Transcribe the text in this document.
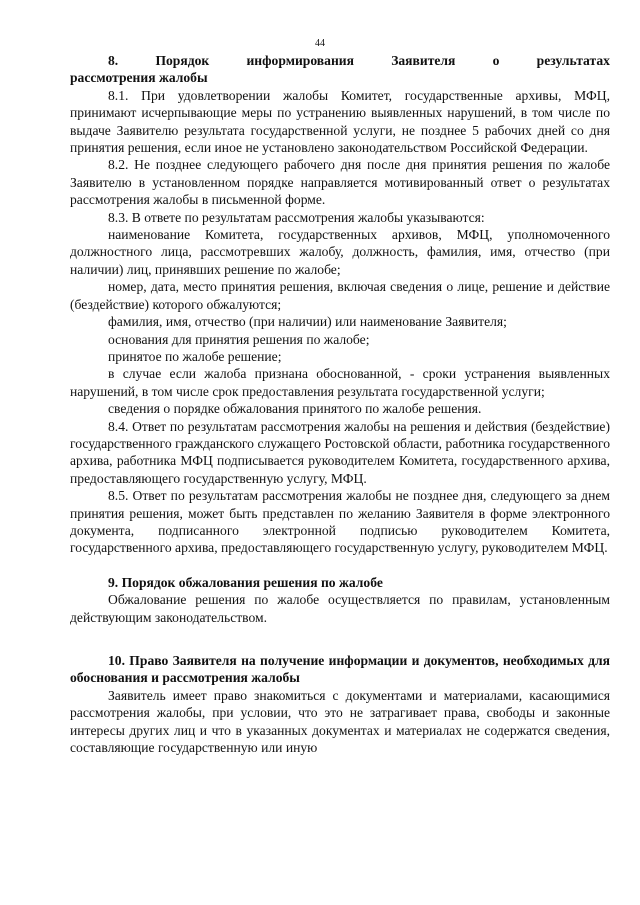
44
8.	Порядок	информирования	Заявителя	о	результатах
рассмотрения жалобы

8.1. При удовлетворении жалобы Комитет, государственные архивы, МФЦ, принимают исчерпывающие меры по устранению выявленных нарушений, в том числе по выдаче Заявителю результата государственной услуги, не позднее 5 рабочих дней со дня принятия решения, если иное не установлено законодательством Российской Федерации.

8.2. Не позднее следующего рабочего дня после дня принятия решения по жалобе Заявителю в установленном порядке направляется мотивированный ответ о результатах рассмотрения жалобы в письменной форме.

8.3. В ответе по результатам рассмотрения жалобы указываются:

наименование Комитета, государственных архивов, МФЦ, уполномоченного должностного лица, рассмотревших жалобу, должность, фамилия, имя, отчество (при наличии) лиц, принявших решение по жалобе;

номер, дата, место принятия решения, включая сведения о лице, решение и действие (бездействие) которого обжалуются;

фамилия, имя, отчество (при наличии) или наименование Заявителя;

основания для принятия решения по жалобе;

принятое по жалобе решение;

в случае если жалоба признана обоснованной, - сроки устранения выявленных нарушений, в том числе срок предоставления результата государственной услуги;

сведения о порядке обжалования принятого по жалобе решения.

8.4. Ответ по результатам рассмотрения жалобы на решения и действия (бездействие) государственного гражданского служащего Ростовской области, работника государственного архива, работника МФЦ подписывается руководителем Комитета, государственного архива, предоставляющего государственную услугу, МФЦ.

8.5. Ответ по результатам рассмотрения жалобы не позднее дня, следующего за днем принятия решения, может быть представлен по желанию Заявителя в форме электронного документа, подписанного электронной подписью руководителем Комитета, государственного архива, предоставляющего государственную услугу, руководителем МФЦ.

9. Порядок обжалования решения по жалобе

Обжалование решения по жалобе осуществляется по правилам, установленным действующим законодательством.

10. Право Заявителя на получение информации и документов, необходимых для обоснования и рассмотрения жалобы

Заявитель имеет право знакомиться с документами и материалами, касающимися рассмотрения жалобы, при условии, что это не затрагивает права, свободы и законные интересы других лиц и что в указанных документах и материалах не содержатся сведения, составляющие государственную или иную
